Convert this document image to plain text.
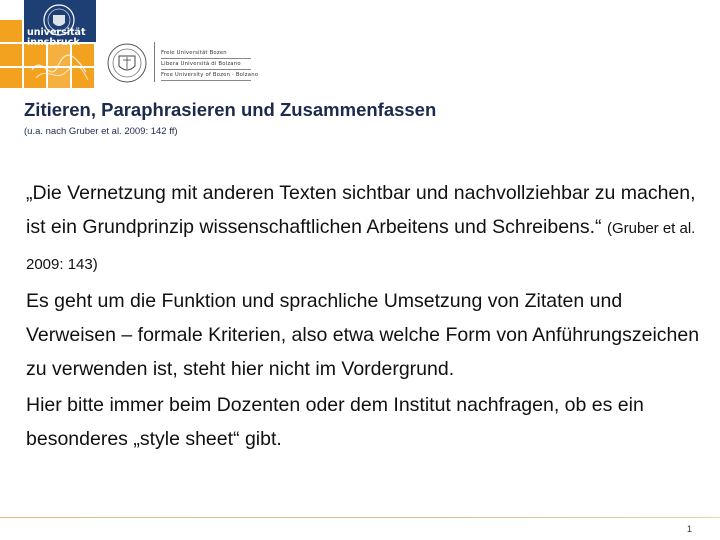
universität
innsbruck
Freie Universität Bozen
Libera Università di Bolzano
Free University of Bozen · Bolzano
Zitieren, Paraphrasieren und Zusammenfassen
(u.a. nach Gruber et al. 2009: 142 ff)

„Die Vernetzung mit anderen Texten sichtbar und nachvollziehbar zu machen, ist ein Grundprinzip wissenschaftlichen Arbeitens und Schreibens.“ (Gruber et al. 2009: 143)

Es geht um die Funktion und sprachliche Umsetzung von Zitaten und Verweisen – formale Kriterien, also etwa welche Form von Anführungszeichen zu verwenden ist, steht hier nicht im Vordergrund.

Hier bitte immer beim Dozenten oder dem Institut nachfragen, ob es ein besonderes „style sheet“ gibt.

1
